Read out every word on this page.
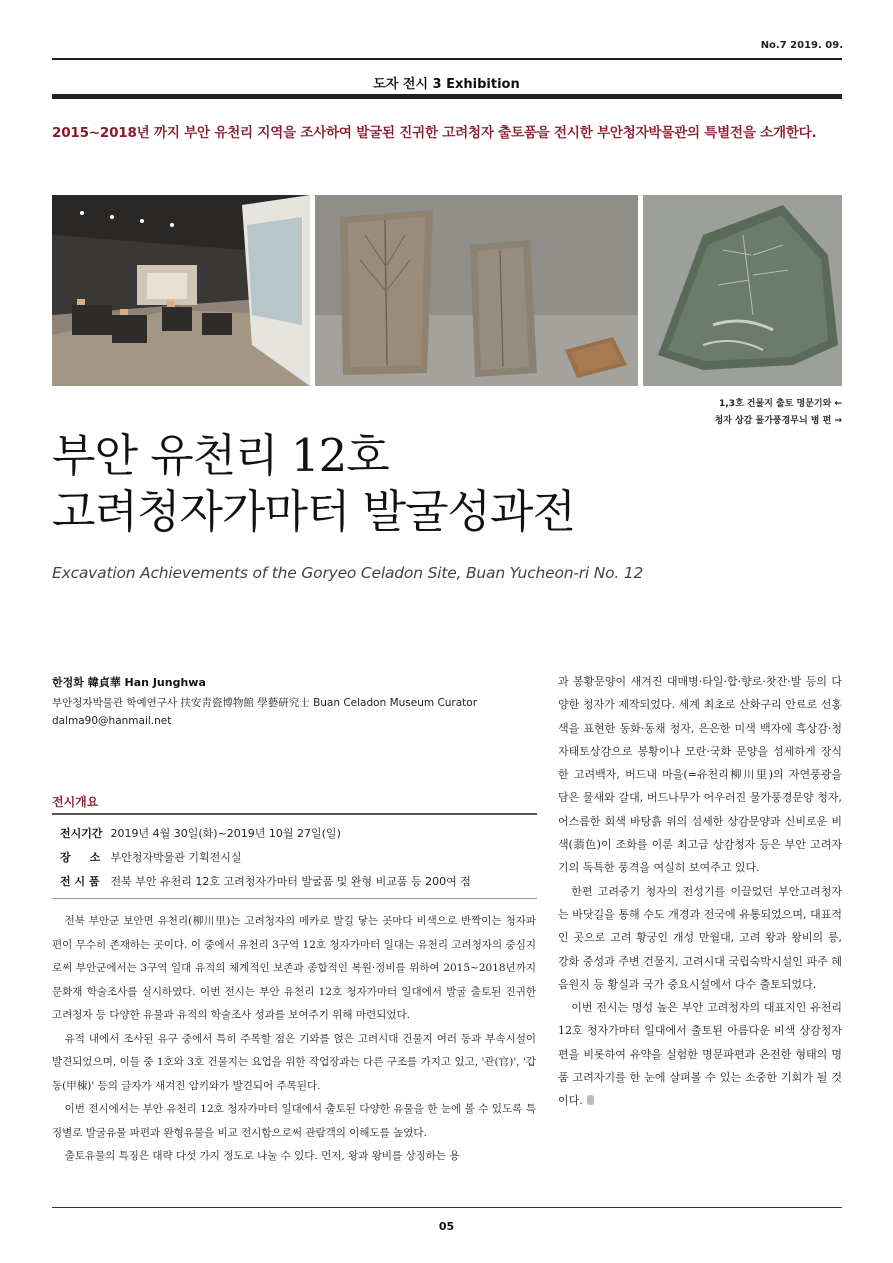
No.7 2019. 09.
도자 전시 3 Exhibition
2015~2018년 까지 부안 유천리 지역을 조사하여 발굴된 진귀한 고려청자 출토품을 전시한 부안청자박물관의 특별전을 소개한다.
1,3호 건물지 출토 명문기와 ←
청자 상감 물가풍경무늬 병 편 →
부안 유천리 12호
고려청자가마터 발굴성과전
Excavation Achievements of the Goryeo Celadon Site, Buan Yucheon-ri No. 12
한정화 韓貞華 Han Junghwa
부안청자박물관 학예연구사 扶安靑瓷博物館 學藝硏究士 Buan Celadon Museum Curator
dalma90@hanmail.net
전시개요
전시기간 2019년 4월 30일(화)~2019년 10월 27일(일)
장     소 부안청자박물관 기획전시실
전 시 품 전북 부안 유천리 12호 고려청자가마터 발굴품 및 완형 비교품 등 200여 점

전북 부안군 보안면 유천리(柳川里)는 고려청자의 메카로 발길 닿는 곳마다 비색으로 반짝이는 청자파편이 무수히 존재하는 곳이다. 이 중에서 유천리 3구역 12호 청자가마터 일대는 유천리 고려청자의 중심지로써 부안군에서는 3구역 일대 유적의 체계적인 보존과 종합적인 복원·정비를 위하여 2015~2018년까지 문화재 학술조사를 실시하였다. 이번 전시는 부안 유천리 12호 청자가마터 일대에서 발굴 출토된 진귀한 고려청자 등 다양한 유물과 유적의 학술조사 성과를 보여주기 위해 마련되었다.

유적 내에서 조사된 유구 중에서 특히 주목할 점은 기와를 얹은 고려시대 건물지 여러 동과 부속시설이 발견되었으며, 이들 중 1호와 3호 건물지는 요업을 위한 작업장과는 다른 구조를 가지고 있고, '관(官)', '갑동(甲棟)' 등의 글자가 새겨진 암키와가 발견되어 주목된다.

이번 전시에서는 부안 유천리 12호 청자가마터 일대에서 출토된 다양한 유물을 한 눈에 볼 수 있도록 특징별로 발굴유물 파편과 완형유물을 비교 전시함으로써 관람객의 이해도를 높였다.

출토유물의 특징은 대략 다섯 가지 정도로 나눌 수 있다. 먼저, 왕과 왕비를 상징하는 용

과 봉황문양이 새겨진 대매병·타일·합·향로·찻잔·발 등의 다양한 청자가 제작되었다. 세계 최초로 산화구리 안료로 선홍색을 표현한 동화·동채 청자, 은은한 미색 백자에 흑상감·청자태토상감으로 봉황이나 모란·국화 문양을 섬세하게 장식한 고려백자, 버드내 마을(=유천리柳川里)의 자연풍광을 담은 물새와 갈대, 버드나무가 어우러진 물가풍경문양 청자, 어스름한 회색 바탕흙 위의 섬세한 상감문양과 신비로운 비색(翡色)이 조화를 이룬 최고급 상감청자 등은 부안 고려자기의 독특한 풍격을 여실히 보여주고 있다.

한편 고려중기 청자의 전성기를 이끌었던 부안고려청자는 바닷길을 통해 수도 개경과 전국에 유통되었으며, 대표적인 곳으로 고려 황궁인 개성 만월대, 고려 왕과 왕비의 릉, 강화 중성과 주변 건물지, 고려시대 국립숙박시설인 파주 혜음원지 등 황실과 국가 중요시설에서 다수 출토되었다.

이번 전시는 명성 높은 부안 고려청자의 대표지인 유천리 12호 청자가마터 일대에서 출토된 아름다운 비색 상감청자 편을 비롯하여 유약을 실험한 명문파편과 온전한 형태의 명품 고려자기를 한 눈에 살펴볼 수 있는 소중한 기회가 될 것이다.

05
